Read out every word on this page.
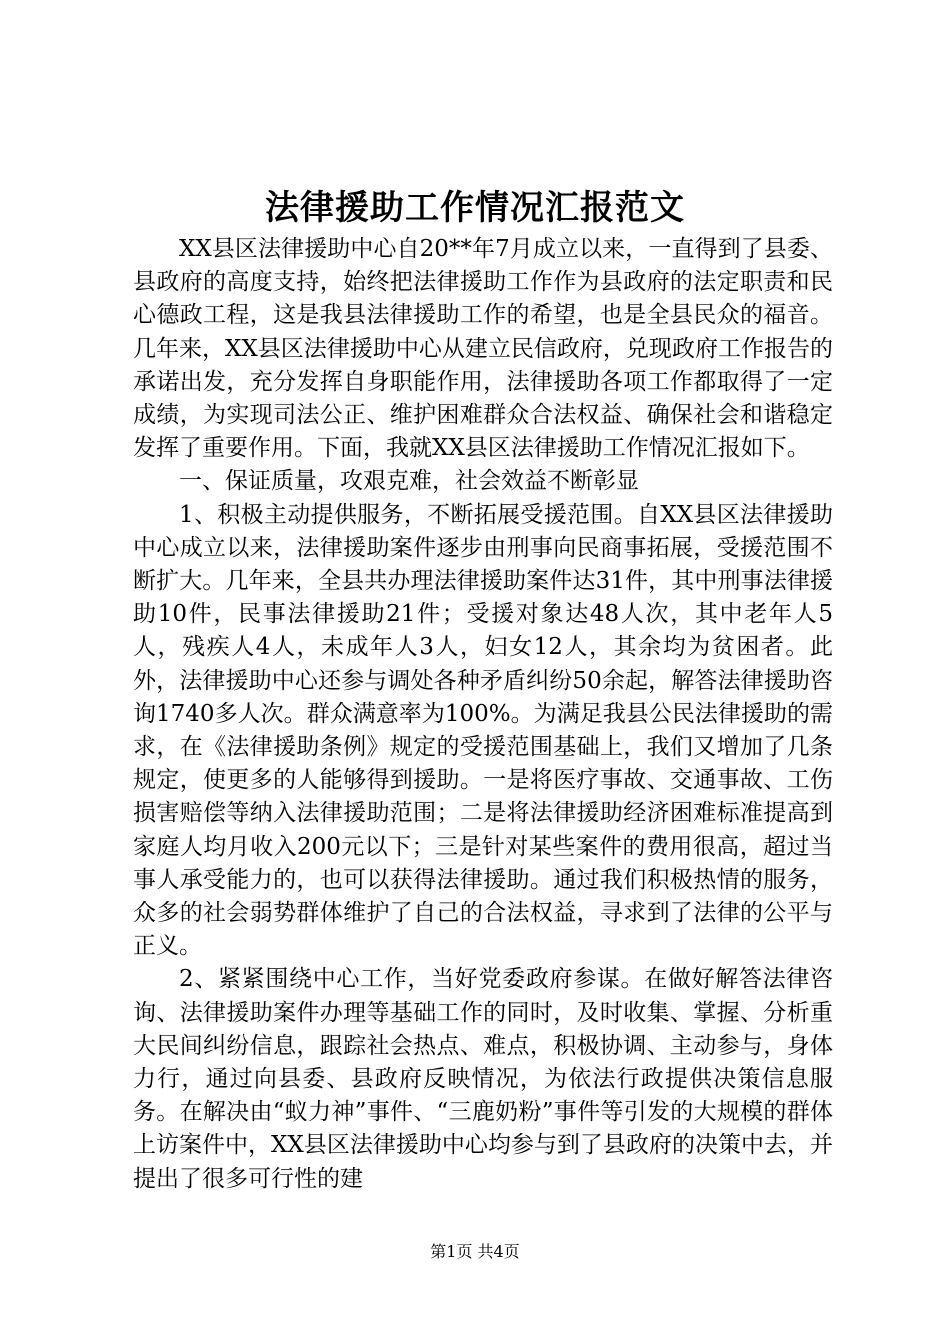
法律援助工作情况汇报范文

XX县区法律援助中心自20**年7月成立以来，一直得到了县委、县政府的高度支持，始终把法律援助工作作为县政府的法定职责和民心德政工程，这是我县法律援助工作的希望，也是全县民众的福音。几年来，XX县区法律援助中心从建立民信政府，兑现政府工作报告的承诺出发，充分发挥自身职能作用，法律援助各项工作都取得了一定成绩，为实现司法公正、维护困难群众合法权益、确保社会和谐稳定发挥了重要作用。下面，我就XX县区法律援助工作情况汇报如下。

一、保证质量，攻艰克难，社会效益不断彰显

1、积极主动提供服务，不断拓展受援范围。自XX县区法律援助中心成立以来，法律援助案件逐步由刑事向民商事拓展，受援范围不断扩大。几年来，全县共办理法律援助案件达31件，其中刑事法律援助10件，民事法律援助21件；受援对象达48人次，其中老年人5人，残疾人4人，未成年人3人，妇女12人，其余均为贫困者。此外，法律援助中心还参与调处各种矛盾纠纷50余起，解答法律援助咨询1740多人次。群众满意率为100%。为满足我县公民法律援助的需求，在《法律援助条例》规定的受援范围基础上，我们又增加了几条规定，使更多的人能够得到援助。一是将医疗事故、交通事故、工伤损害赔偿等纳入法律援助范围；二是将法律援助经济困难标准提高到家庭人均月收入200元以下；三是针对某些案件的费用很高，超过当事人承受能力的，也可以获得法律援助。通过我们积极热情的服务，众多的社会弱势群体维护了自己的合法权益，寻求到了法律的公平与正义。

2、紧紧围绕中心工作，当好党委政府参谋。在做好解答法律咨询、法律援助案件办理等基础工作的同时，及时收集、掌握、分析重大民间纠纷信息，跟踪社会热点、难点，积极协调、主动参与，身体力行，通过向县委、县政府反映情况，为依法行政提供决策信息服务。在解决由“蚁力神”事件、“三鹿奶粉”事件等引发的大规模的群体上访案件中，XX县区法律援助中心均参与到了县政府的决策中去，并提出了很多可行性的建

第1页 共4页
